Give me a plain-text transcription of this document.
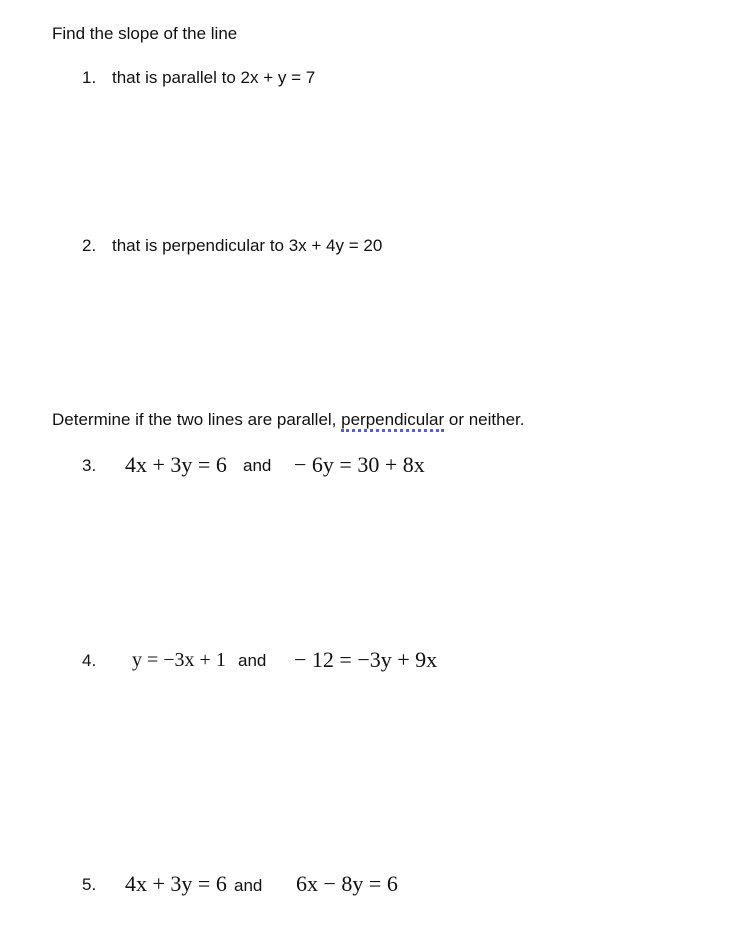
Find the slope of the line
1. that is parallel to 2x + y = 7
2. that is perpendicular to 3x + 4y = 20
Determine if the two lines are parallel, perpendicular or neither.
3. 4x + 3y = 6 and − 6y = 30 + 8x
4. y = −3x + 1 and − 12 = −3y + 9x
5. 4x + 3y = 6 and 6x − 8y = 6
